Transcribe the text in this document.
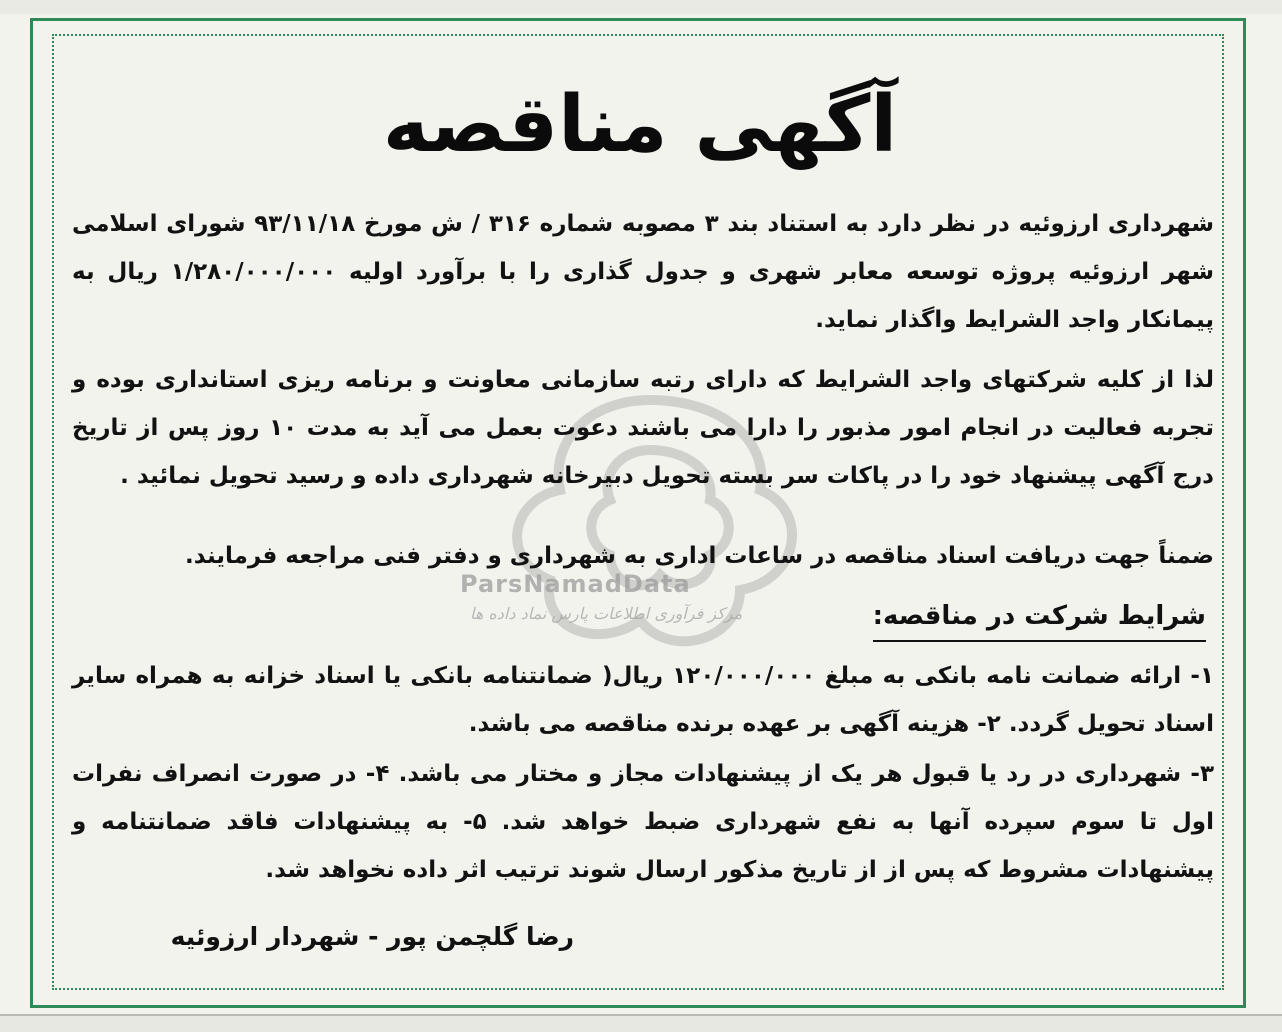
ParsNamadData
مرکز فرآوری اطلاعات پارس نماد داده ها
آگهی مناقصه
شهرداری ارزوئیه در نظر دارد به استناد بند ۳ مصوبه شماره ۳۱۶ / ش مورخ ۹۳/۱۱/۱۸ شورای اسلامی شهر ارزوئیه پروژه توسعه معابر شهری و جدول گذاری را با برآورد اولیه ۱/۲۸۰/۰۰۰/۰۰۰ ریال به پیمانکار واجد الشرایط واگذار نماید.
لذا از کلیه شرکتهای واجد الشرایط که دارای رتبه سازمانی معاونت و برنامه ریزی استانداری بوده و تجربه فعالیت در انجام امور مذبور را دارا می باشند دعوت بعمل می آید به مدت ۱۰ روز پس از تاریخ درج آگهی پیشنهاد خود را در پاکات سر بسته تحویل دبیرخانه شهرداری داده و رسید تحویل نمائید .
ضمناً جهت دریافت اسناد مناقصه در ساعات اداری به شهرداری و دفتر فنی مراجعه فرمایند.
شرایط شرکت در مناقصه:
۱- ارائه ضمانت نامه بانکی به مبلغ ۱۲۰/۰۰۰/۰۰۰ ریال( ضمانتنامه بانکی یا اسناد خزانه به همراه سایر اسناد تحویل گردد. ۲- هزینه آگهی بر عهده برنده مناقصه می باشد.
۳- شهرداری در رد یا قبول هر یک از پیشنهادات مجاز و مختار می باشد. ۴- در صورت انصراف نفرات اول تا سوم سپرده آنها به نفع شهرداری ضبط خواهد شد. ۵- به پیشنهادات فاقد ضمانتنامه و پیشنهادات مشروط که پس از از تاریخ مذکور ارسال شوند ترتیب اثر داده نخواهد شد.
رضا گلچمن پور - شهردار ارزوئیه
